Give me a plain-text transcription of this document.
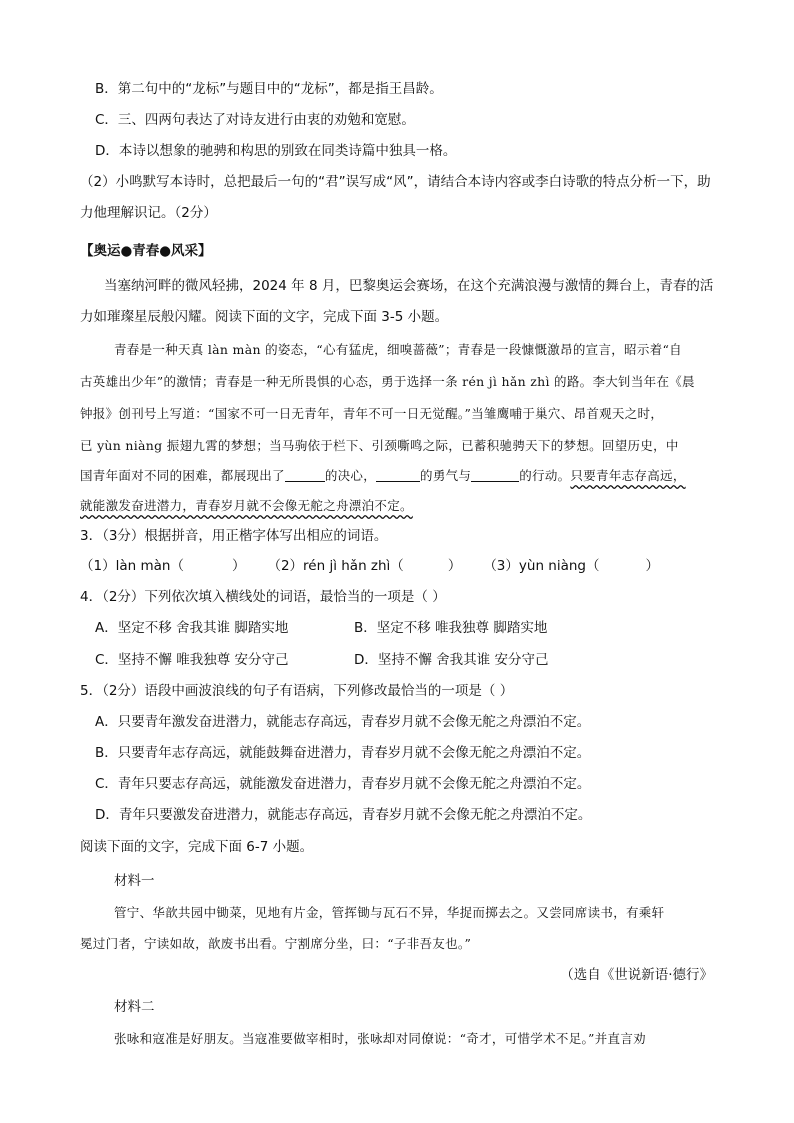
B．第二句中的“龙标”与题目中的“龙标”，都是指王昌龄。
C．三、四两句表达了对诗友进行由衷的劝勉和宽慰。
D．本诗以想象的驰骋和构思的别致在同类诗篇中独具一格。
（2）小鸣默写本诗时，总把最后一句的“君”误写成“风”，请结合本诗内容或李白诗歌的特点分析一下，助
力他理解识记。（2分）
【奥运●青春●风采】
当塞纳河畔的微风轻拂，2024 年 8 月，巴黎奥运会赛场，在这个充满浪漫与激情的舞台上，青春的活
力如璀璨星辰般闪耀。阅读下面的文字，完成下面 3-5 小题。
青春是一种天真 làn màn 的姿态，“心有猛虎，细嗅蔷薇”；青春是一段慷慨激昂的宣言，昭示着“自
古英雄出少年”的激情；青春是一种无所畏惧的心态，勇于选择一条 rén jì hǎn zhì 的路。李大钊当年在《晨
钟报》创刊号上写道：“国家不可一日无青年，青年不可一日无觉醒。”当雏鹰哺于巢穴、昂首观天之时，
已 yùn niàng 振翅九霄的梦想；当马驹依于栏下、引颈嘶鸣之际，已蓄积驰骋天下的梦想。回望历史，中
国青年面对不同的困难，都展现出了	的决心，	的勇气与	的行动。只要青年志存高远，
就能激发奋进潜力，青春岁月就不会像无舵之舟漂泊不定。
3．（3分）根据拼音，用正楷字体写出相应的词语。
（1）làn màn（	） （2）rén jì hǎn zhì（	） （3）yùn niàng（	）
4．（2分）下列依次填入横线处的词语，最恰当的一项是（ ）
A．坚定不移 舍我其谁 脚踏实地	B．坚定不移 唯我独尊 脚踏实地
C．坚持不懈 唯我独尊 安分守己	D．坚持不懈 舍我其谁 安分守己
5．（2分）语段中画波浪线的句子有语病，下列修改最恰当的一项是（ ）
A．只要青年激发奋进潜力，就能志存高远，青春岁月就不会像无舵之舟漂泊不定。
B．只要青年志存高远，就能鼓舞奋进潜力，青春岁月就不会像无舵之舟漂泊不定。
C．青年只要志存高远，就能激发奋进潜力，青春岁月就不会像无舵之舟漂泊不定。
D．青年只要激发奋进潜力，就能志存高远，青春岁月就不会像无舵之舟漂泊不定。
阅读下面的文字，完成下面 6-7 小题。
材料一
管宁、华歆共园中锄菜，见地有片金，管挥锄与瓦石不异，华捉而掷去之。又尝同席读书，有乘轩
冕过门者，宁读如故，歆废书出看。宁割席分坐，曰：“子非吾友也。”
（选自《世说新语·德行》
材料二
张咏和寇准是好朋友。当寇准要做宰相时，张咏却对同僚说：“奇才，可惜学术不足。”并直言劝
